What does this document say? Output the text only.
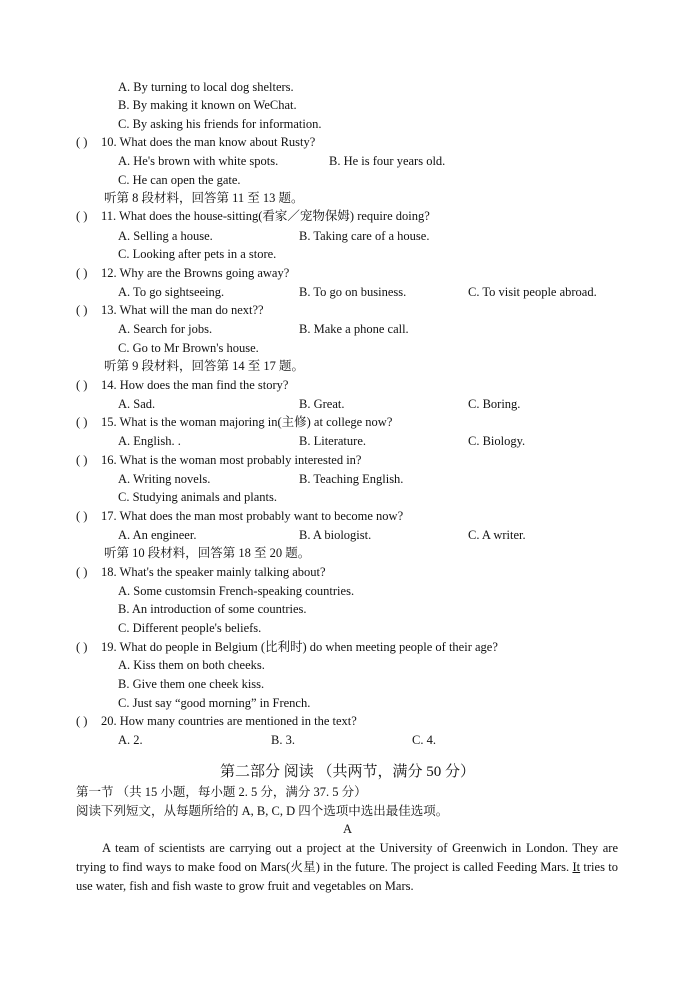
A. By turning to local dog shelters.
B. By making it known on WeChat.
C. By asking his friends for information.
( ) 10. What does the man know about Rusty?
A. He's brown with white spots.	B. He is four years old.
C. He can open the gate.
听第 8 段材料，回答第 11 至 13 题。
( ) 11. What does the house-sitting(看家／宠物保姆) require doing?
A. Selling a house.	B. Taking care of a house.
C. Looking after pets in a store.
( ) 12. Why are the Browns going away?
A. To go sightseeing.	B. To go on business.	C. To visit people abroad.
( ) 13. What will the man do next??
A. Search for jobs.	B. Make a phone call.
C. Go to Mr Brown's house.
听第 9 段材料，回答第 14 至 17 题。
( ) 14. How does the man find the story?
A. Sad.	B. Great.	C. Boring.
( ) 15. What is the woman majoring in(主修) at college now?
A. English. .	B. Literature.	C. Biology.
( ) 16. What is the woman most probably interested in?
A. Writing novels.	B. Teaching English.
C. Studying animals and plants.
( ) 17. What does the man most probably want to become now?
A. An engineer.	B. A biologist.	C. A writer.
听第 10 段材料，回答第 18 至 20 题。
( ) 18. What's the speaker mainly talking about?
A. Some customsin French-speaking countries.
B. An introduction of some countries.
C. Different people's beliefs.
( ) 19. What do people in Belgium (比利时) do when meeting people of their age?
A. Kiss them on both cheeks.
B. Give them one cheek kiss.
C. Just say “good morning” in French.
( ) 20. How many countries are mentioned in the text?
A. 2.	B. 3.	C. 4.
第二部分 阅读 （共两节，满分 50 分）
第一节 （共 15 小题，每小题 2. 5 分，满分 37. 5 分）
阅读下列短文，从每题所给的 A, B, C, D 四个选项中选出最佳选项。
A
A team of scientists are carrying out a project at the University of Greenwich in London. They are trying to find ways to make food on Mars(火星) in the future. The project is called Feeding Mars. It tries to use water, fish and fish waste to grow fruit and vegetables on Mars.
